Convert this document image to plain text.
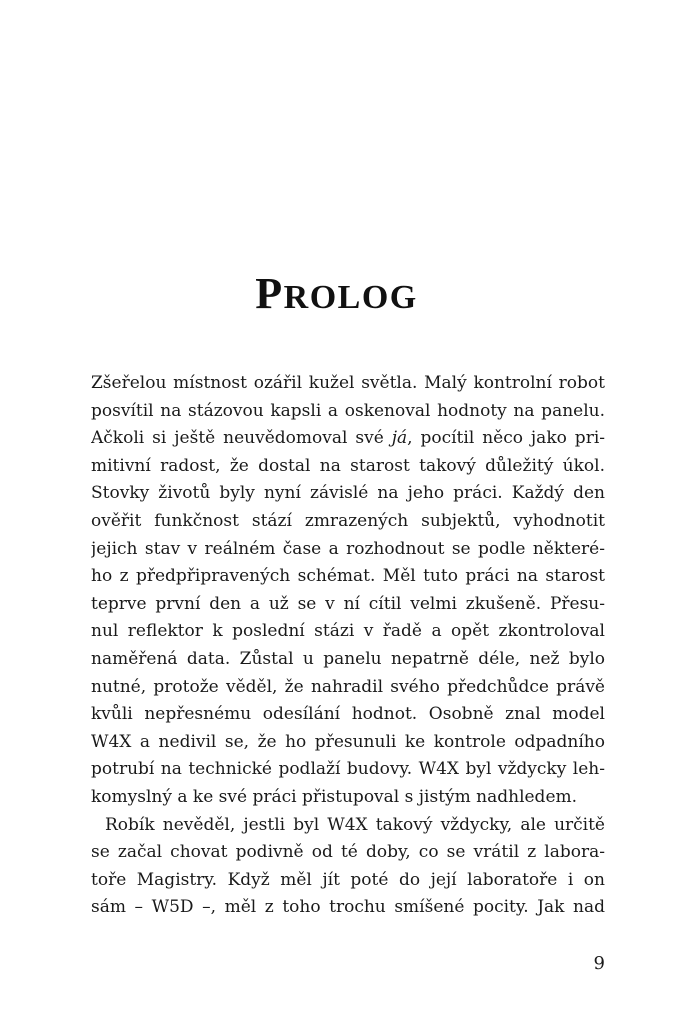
PROLOG
Zšeřelou místnost ozářil kužel světla. Malý kontrolní robot
posvítil na stázovou kapsli a oskenoval hodnoty na panelu.
Ačkoli si ještě neuvědomoval své já, pocítil něco jako pri-
mitivní radost, že dostal na starost takový důležitý úkol.
Stovky životů byly nyní závislé na jeho práci. Každý den
ověřit funkčnost stází zmrazených subjektů, vyhodnotit
jejich stav v reálném čase a rozhodnout se podle některé-
ho z předpřipravených schémat. Měl tuto práci na starost
teprve první den a už se v ní cítil velmi zkušeně. Přesu-
nul reflektor k poslední stázi v řadě a opět zkontroloval
naměřená data. Zůstal u panelu nepatrně déle, než bylo
nutné, protože věděl, že nahradil svého předchůdce právě
kvůli nepřesnému odesílání hodnot. Osobně znal model
W4X a nedivil se, že ho přesunuli ke kontrole odpadního
potrubí na technické podlaží budovy. W4X byl vždycky leh-
komyslný a ke své práci přistupoval s jistým nadhledem.
Robík nevěděl, jestli byl W4X takový vždycky, ale určitě
se začal chovat podivně od té doby, co se vrátil z labora-
toře Magistry. Když měl jít poté do její laboratoře i on
sám – W5D –, měl z toho trochu smíšené pocity. Jak nad
9
